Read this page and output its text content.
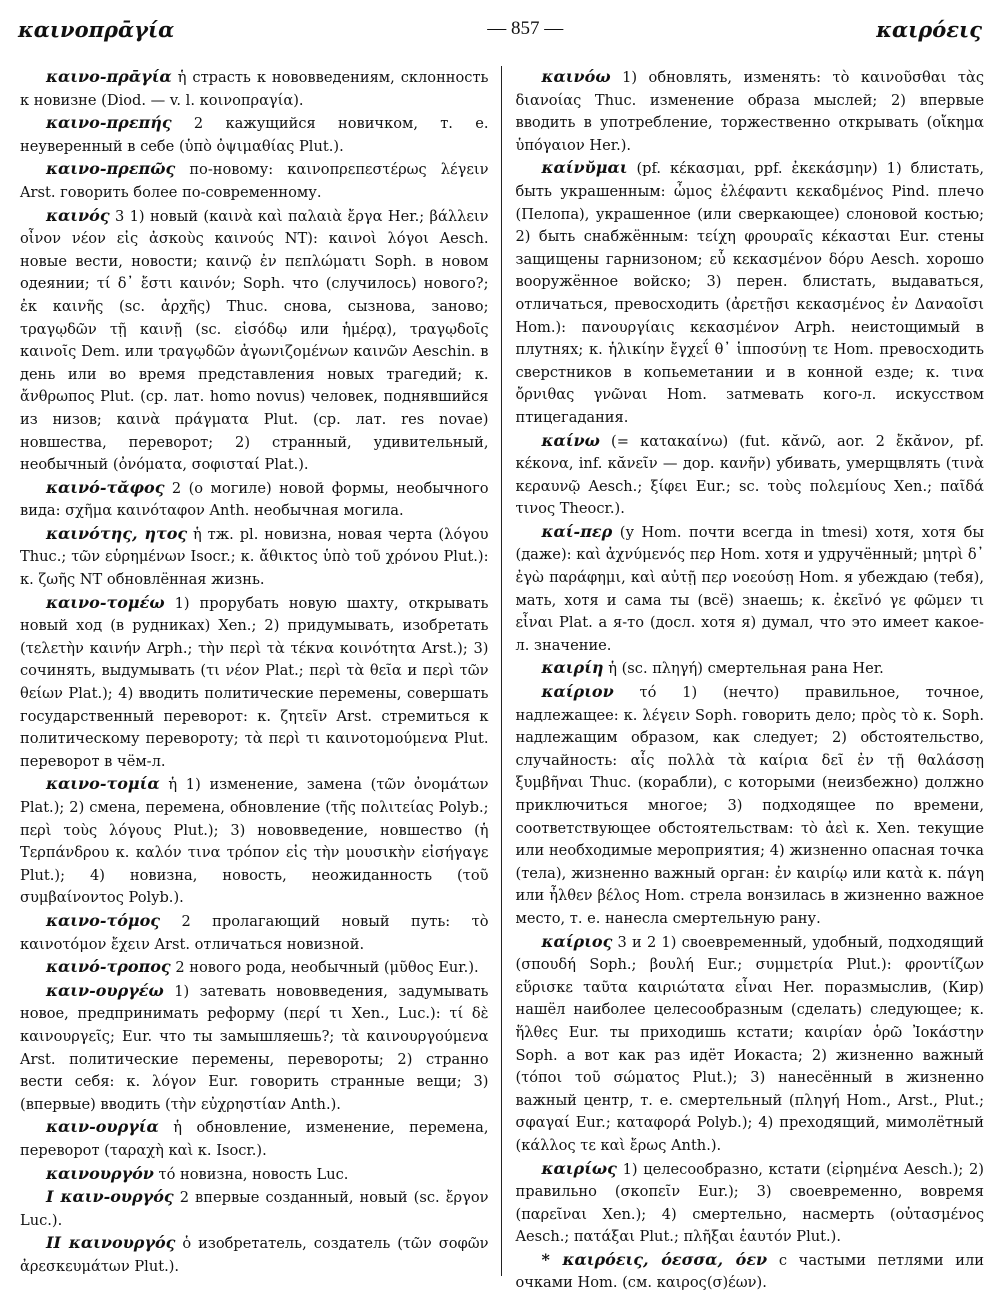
καινοπρᾱγία	— 857 —	καιρόεις

καινο-πρᾱγία ἡ страсть к нововведениям, склонность к новизне (Diod. — v. l. κοινοπραγία).

καινο-πρεπής 2 кажущийся новичком, т. е. неуверенный в себе (ὑπὸ ὀψιμαθίας Plut.).

καινο-πρεπῶς по-новому: καινοπρεπεστέρως λέγειν Arst. говорить более по-современному.

καινός 3 1) новый (καινὰ καὶ παλαιὰ ἔργα Her.; βάλλειν οἶνον νέον εἰς ἀσκοὺς καινούς NT): καινοὶ λόγοι Aesch. новые вести, новости; καινῷ ἐν πεπλώματι Soph. в новом одеянии; τί δ᾽ ἔστι καινόν; Soph. что (случилось) нового?; ἐκ καινῆς (sc. ἀρχῆς) Thuc. снова, сызнова, заново; τραγῳδῶν τῇ καινῇ (sc. εἰσόδῳ или ἡμέρᾳ), τραγῳδοῖς καινοῖς Dem. или τραγῳδῶν ἀγωνιζομένων καινῶν Aeschin. в день или во время представления новых трагедий; κ. ἄνθρωπος Plut. (ср. лат. homo novus) человек, поднявшийся из низов; καινὰ πράγματα Plut. (ср. лат. res novae) новшества, переворот; 2) странный, удивительный, необычный (ὀνόματα, σοφισταί Plat.).

καινό-τᾰφος 2 (о могиле) новой формы, необычного вида: σχῆμα καινόταφον Anth. необычная могила.

καινότης, ητος ἡ тж. pl. новизна, новая черта (λόγου Thuc.; τῶν εὑρημένων Isocr.; κ. ἄθικτος ὑπὸ τοῦ χρόνου Plut.): κ. ζωῆς NT обновлённая жизнь.

καινο-τομέω 1) прорубать новую шахту, открывать новый ход (в рудниках) Xen.; 2) придумывать, изобретать (τελετὴν καινήν Arph.; τὴν περὶ τὰ τέκνα κοινότητα Arst.); 3) сочинять, выдумывать (τι νέον Plat.; περὶ τὰ θεῖα и περὶ τῶν θείων Plat.); 4) вводить политические перемены, совершать государственный переворот: κ. ζητεῖν Arst. стремиться к политическому перевороту; τὰ περὶ τι καινοτομούμενα Plut. переворот в чём-л.

καινο-τομία ἡ 1) изменение, замена (τῶν ὀνομάτων Plat.); 2) смена, перемена, обновление (τῆς πολιτείας Polyb.; περὶ τοὺς λόγους Plut.); 3) нововведение, новшество (ἡ Τερπάνδρου κ. καλόν τινα τρόπον εἰς τὴν μουσικὴν εἰσήγαγε Plut.); 4) новизна, новость, неожиданность (τοῦ συμβαίνοντος Polyb.).

καινο-τόμος 2 пролагающий новый путь: τὸ καινοτόμον ἔχειν Arst. отличаться новизной.

καινό-τροπος 2 нового рода, необычный (μῦθος Eur.).

καιν-ουργέω 1) затевать нововведения, задумывать новое, предпринимать реформу (περί τι Xen., Luc.): τί δὲ καινουργεῖς; Eur. что ты замышляешь?; τὰ καινουργούμενα Arst. политические перемены, перевороты; 2) странно вести себя: κ. λόγον Eur. говорить странные вещи; 3) (впервые) вводить (τὴν εὐχρηστίαν Anth.).

καιν-ουργία ἡ обновление, изменение, перемена, переворот (ταραχὴ καὶ κ. Isocr.).

καινουργόν τό новизна, новость Luc.

I καιν-ουργός 2 впервые созданный, новый (sc. ἔργον Luc.).

II καινουργός ὁ изобретатель, создатель (τῶν σοφῶν ἀρεσκευμάτων Plut.).

καινόω 1) обновлять, изменять: τὸ καινοῦσθαι τὰς διανοίας Thuc. изменение образа мыслей; 2) впервые вводить в употребление, торжественно открывать (οἴκημα ὑπόγαιον Her.).

καίνῠμαι (pf. κέκασμαι, ppf. ἐκεκάσμην) 1) блистать, быть украшенным: ὦμος ἐλέφαντι κεκαδμένος Pind. плечо (Пелопа), украшенное (или сверкающее) слоновой костью; 2) быть снабжённым: τείχη φρουραῖς κέκασται Eur. стены защищены гарнизоном; εὖ κεκασμένον δόρυ Aesch. хорошо вооружённое войско; 3) перен. блистать, выдаваться, отличаться, превосходить (ἀρετῇσι κεκασμένος ἐν Δαναοῖσι Hom.): πανουργίαις κεκασμένον Arph. неистощимый в плутнях; κ. ἡλικίην ἔγχεΐ θ᾽ ἱπποσύνῃ τε Hom. превосходить сверстников в копьеметании и в конной езде; κ. τινα ὄρνιθας γνῶναι Hom. затмевать кого-л. искусством птицегадания.

καίνω (= κατακαίνω) (fut. κᾰνῶ, aor. 2 ἔκᾰνον, pf. κέκονα, inf. κᾰνεῖν — дор. κανῆν) убивать, умерщвлять (τινὰ κεραυνῷ Aesch.; ξίφει Eur.; sc. τοὺς πολεμίους Xen.; παῖδά τινος Theocr.).

καί-περ (у Hom. почти всегда in tmesi) хотя, хотя бы (даже): καὶ ἀχνύμενός περ Hom. хотя и удручённый; μητρὶ δ᾽ ἐγὼ παράφημι, καὶ αὐτῇ περ νοεούσῃ Hom. я убеждаю (тебя), мать, хотя и сама ты (всё) знаешь; κ. ἐκεῖνό γε φῶμεν τι εἶναι Plat. а я-то (досл. хотя я) думал, что это имеет какое-л. значение.

καιρίη ἡ (sc. πληγή) смертельная рана Her.

καίριον τό 1) (нечто) правильное, точное, надлежащее: κ. λέγειν Soph. говорить дело; πρὸς τὸ κ. Soph. надлежащим образом, как следует; 2) обстоятельство, случайность: αἷς πολλὰ τὰ καίρια δεῖ ἐν τῇ θαλάσσῃ ξυμβῆναι Thuc. (корабли), с которыми (неизбежно) должно приключиться многое; 3) подходящее по времени, соответствующее обстоятельствам: τὸ ἀεὶ κ. Xen. текущие или необходимые мероприятия; 4) жизненно опасная точка (тела), жизненно важный орган: ἐν καιρίῳ или κατὰ κ. πάγη или ἦλθεν βέλος Hom. стрела вонзилась в жизненно важное место, т. е. нанесла смертельную рану.

καίριος 3 и 2 1) своевременный, удобный, подходящий (σπουδή Soph.; βουλή Eur.; συμμετρία Plut.): φροντίζων εὕρισκε ταῦτα καιριώτατα εἶναι Her. поразмыслив, (Кир) нашёл наиболее целесообразным (сделать) следующее; κ. ἥλθες Eur. ты приходишь кстати; καιρίαν ὁρῶ Ἰοκάστην Soph. а вот как раз идёт Иокаста; 2) жизненно важный (τόποι τοῦ σώματος Plut.); 3) нанесённый в жизненно важный центр, т. е. смертельный (πληγή Hom., Arst., Plut.; σφαγαί Eur.; καταφορά Polyb.); 4) преходящий, мимолётный (κάλλος τε καὶ ἔρως Anth.).

καιρίως 1) целесообразно, кстати (εἰρημένα Aesch.); 2) правильно (σκοπεῖν Eur.); 3) своевременно, вовремя (παρεῖναι Xen.); 4) смертельно, насмерть (οὐτασμένος Aesch.; πατάξαι Plut.; πλῆξαι ἑαυτόν Plut.).

* καιρόεις, όεσσα, όεν с частыми петлями или очками Hom. (см. καιρος(σ)έων).
